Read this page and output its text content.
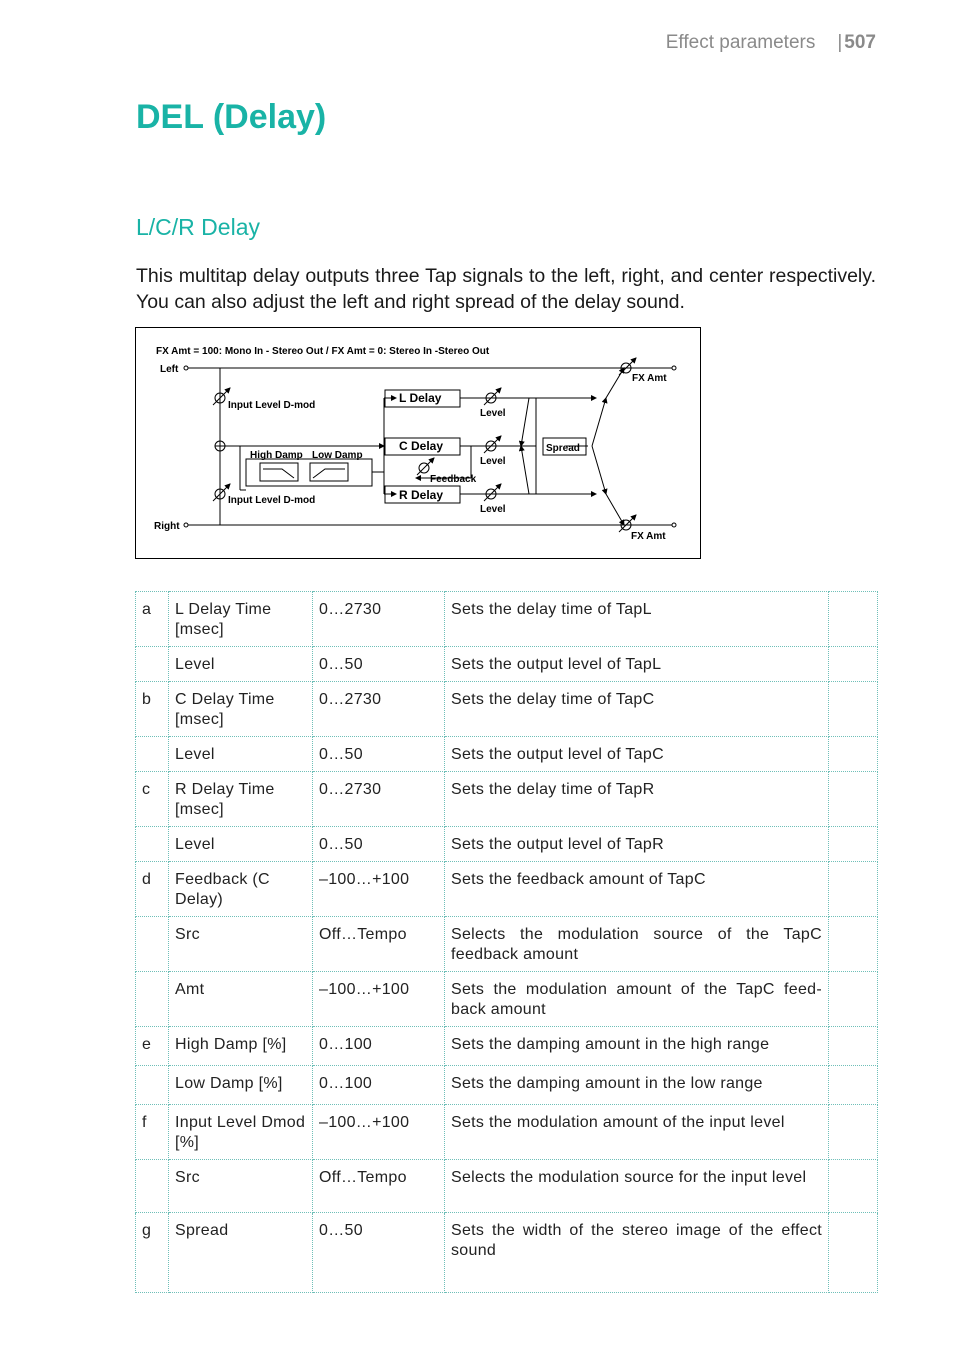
Effect parameters | 507
DEL (Delay)
L/C/R Delay

This multitap delay outputs three Tap signals to the left, right, and center respectively. You can also adjust the left and right spread of the delay sound.

FX Amt = 100: Mono In - Stereo Out / FX Amt = 0: Stereo In -Stereo Out
Left
Right
Input Level D-mod
Input Level D-mod
High Damp Low Damp
L Delay
C Delay
R Delay
Feedback
Level
Level
Level
Spread
FX Amt
FX Amt
a	L Delay Time [msec]	0…2730	Sets the delay time of TapL	
	Level	0…50	Sets the output level of TapL	
b	C Delay Time [msec]	0…2730	Sets the delay time of TapC	
	Level	0…50	Sets the output level of TapC	
c	R Delay Time [msec]	0…2730	Sets the delay time of TapR	
	Level	0…50	Sets the output level of TapR	
d	Feedback (C Delay)	–100…+100	Sets the feedback amount of TapC	
	Src	Off…Tempo	Selects the modulation source of the TapC feedback amount	
	Amt	–100…+100	Sets the modulation amount of the TapC feed-back amount	
e	High Damp [%]	0…100	Sets the damping amount in the high range	
	Low Damp [%]	0…100	Sets the damping amount in the low range	
f	Input Level Dmod [%]	–100…+100	Sets the modulation amount of the input level	
	Src	Off…Tempo	Selects the modulation source for the input level	
g	Spread	0…50	Sets the width of the stereo image of the effect sound	
